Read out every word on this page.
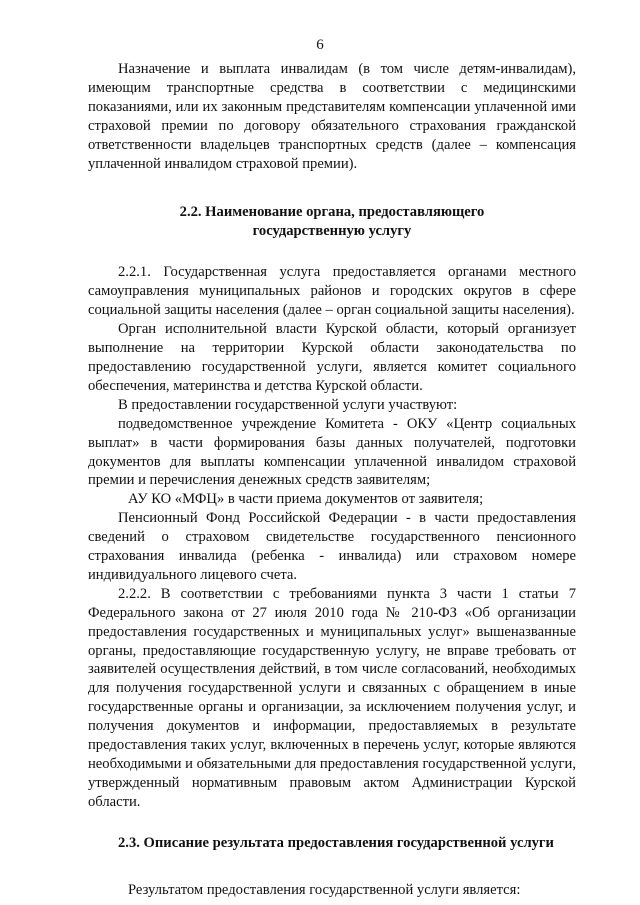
6

Назначение и выплата инвалидам (в том числе детям-инвалидам), имеющим транспортные средства в соответствии с медицинскими показаниями, или их законным представителям компенсации уплаченной ими страховой премии по договору обязательного страхования гражданской ответственности владельцев транспортных средств (далее – компенсация уплаченной инвалидом страховой премии).

2.2. Наименование органа, предоставляющего
государственную услугу

2.2.1. Государственная услуга предоставляется органами местного самоуправления муниципальных районов и городских округов в сфере социальной защиты населения (далее – орган социальной защиты населения).

Орган исполнительной власти Курской области, который организует выполнение на территории Курской области законодательства по предоставлению государственной услуги, является комитет социального обеспечения, материнства и детства Курской области.

В предоставлении государственной услуги участвуют:

подведомственное учреждение Комитета - ОКУ «Центр социальных выплат» в части формирования базы данных получателей, подготовки документов для выплаты компенсации уплаченной инвалидом страховой премии и перечисления денежных средств заявителям;

АУ КО «МФЦ» в части приема документов от заявителя;

Пенсионный Фонд Российской Федерации - в части предоставления сведений о страховом свидетельстве государственного пенсионного страхования инвалида (ребенка - инвалида) или страховом номере индивидуального лицевого счета.

2.2.2. В соответствии с требованиями пункта 3 части 1 статьи 7 Федерального закона от 27 июля 2010 года № 210-ФЗ «Об организации предоставления государственных и муниципальных услуг» вышеназванные органы, предоставляющие государственную услугу, не вправе требовать от заявителей осуществления действий, в том числе согласований, необходимых для получения государственной услуги и связанных с обращением в иные государственные органы и организации, за исключением получения услуг, и получения документов и информации, предоставляемых в результате предоставления таких услуг, включенных в перечень услуг, которые являются необходимыми и обязательными для предоставления государственной услуги, утвержденный нормативным правовым актом Администрации Курской области.

2.3. Описание результата предоставления государственной услуги

Результатом предоставления государственной услуги является:
